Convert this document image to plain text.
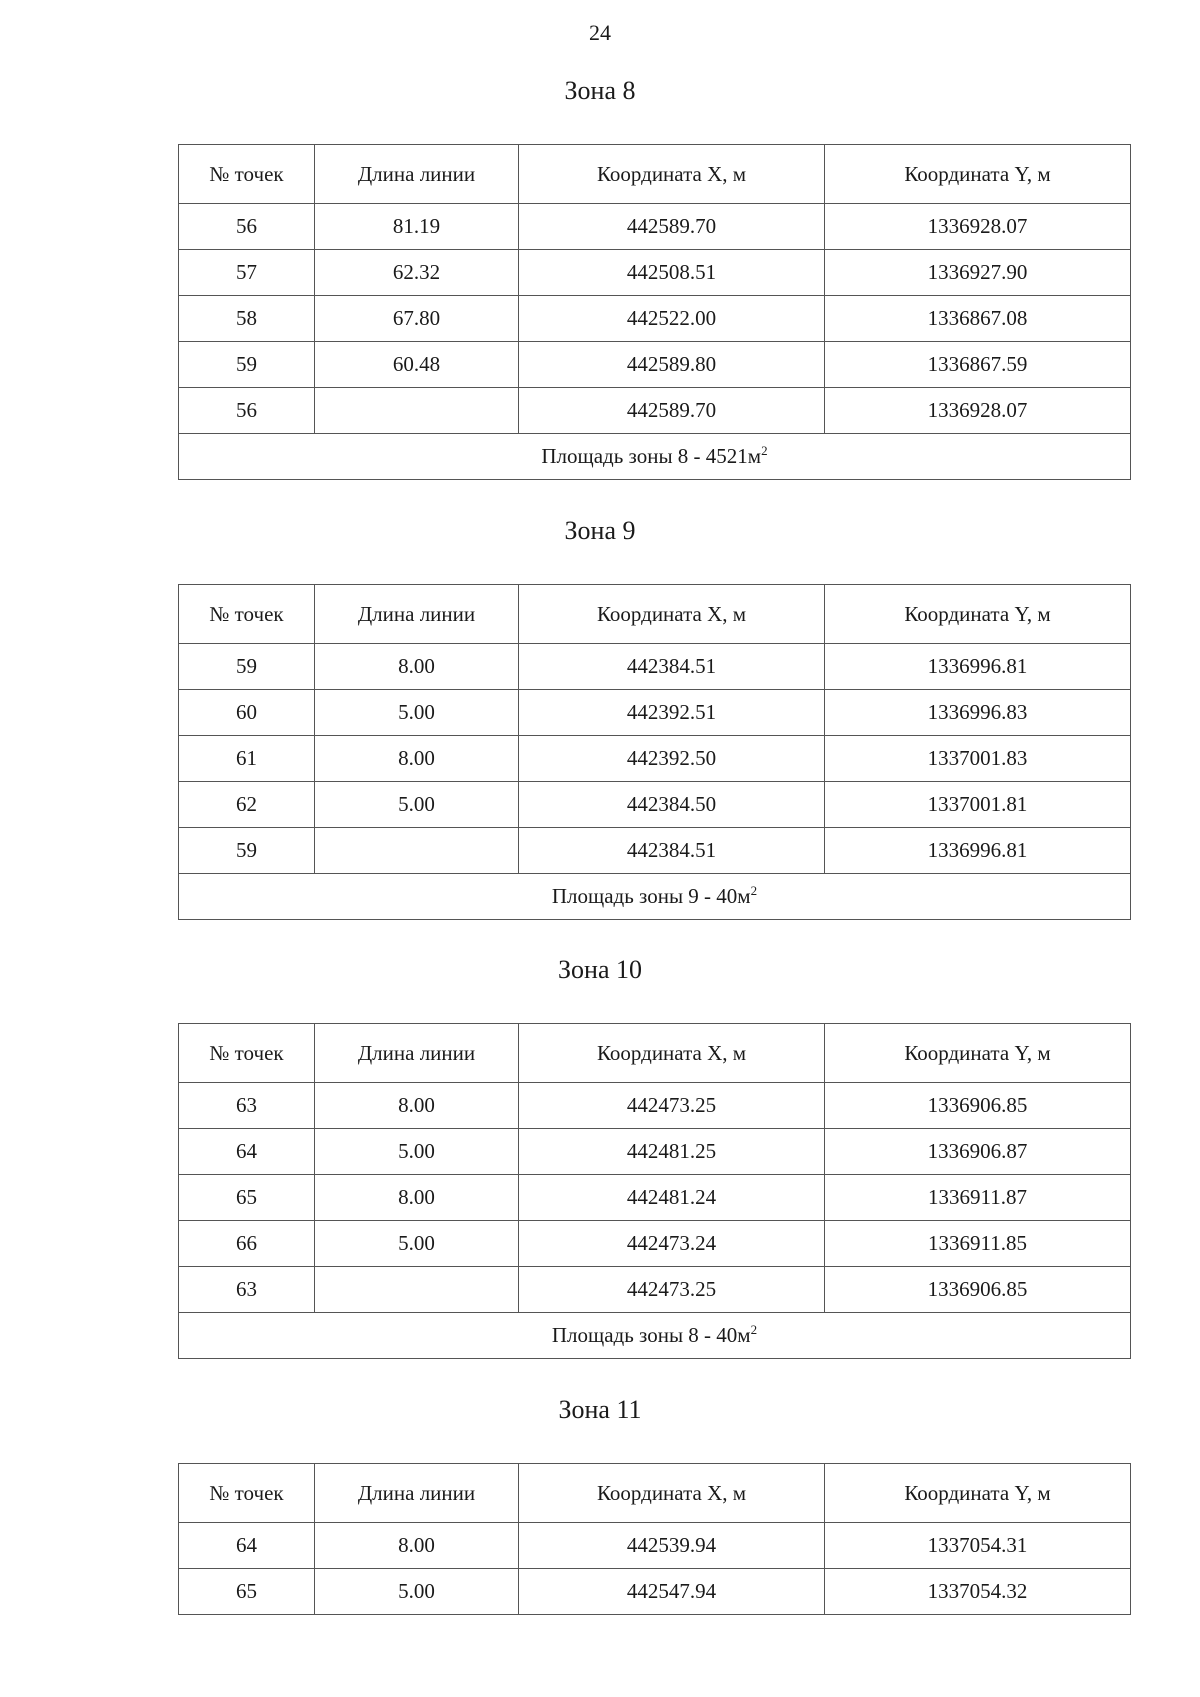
24
Зона 8
№ точек	Длина линии	Координата X, м	Координата Y, м
56	81.19	442589.70	1336928.07
57	62.32	442508.51	1336927.90
58	67.80	442522.00	1336867.08
59	60.48	442589.80	1336867.59
56		442589.70	1336928.07
Площадь зоны $8 - 4521м^2$
Зона 9
№ точек	Длина линии	Координата X, м	Координата Y, м
59	8.00	442384.51	1336996.81
60	5.00	442392.51	1336996.83
61	8.00	442392.50	1337001.83
62	5.00	442384.50	1337001.81
59		442384.51	1336996.81
Площадь зоны $9 - 40м^2$
Зона 10
№ точек	Длина линии	Координата X, м	Координата Y, м
63	8.00	442473.25	1336906.85
64	5.00	442481.25	1336906.87
65	8.00	442481.24	1336911.87
66	5.00	442473.24	1336911.85
63		442473.25	1336906.85
Площадь зоны $8 - 40м^2$
Зона 11
№ точек	Длина линии	Координата X, м	Координата Y, м
64	8.00	442539.94	1337054.31
65	5.00	442547.94	1337054.32
